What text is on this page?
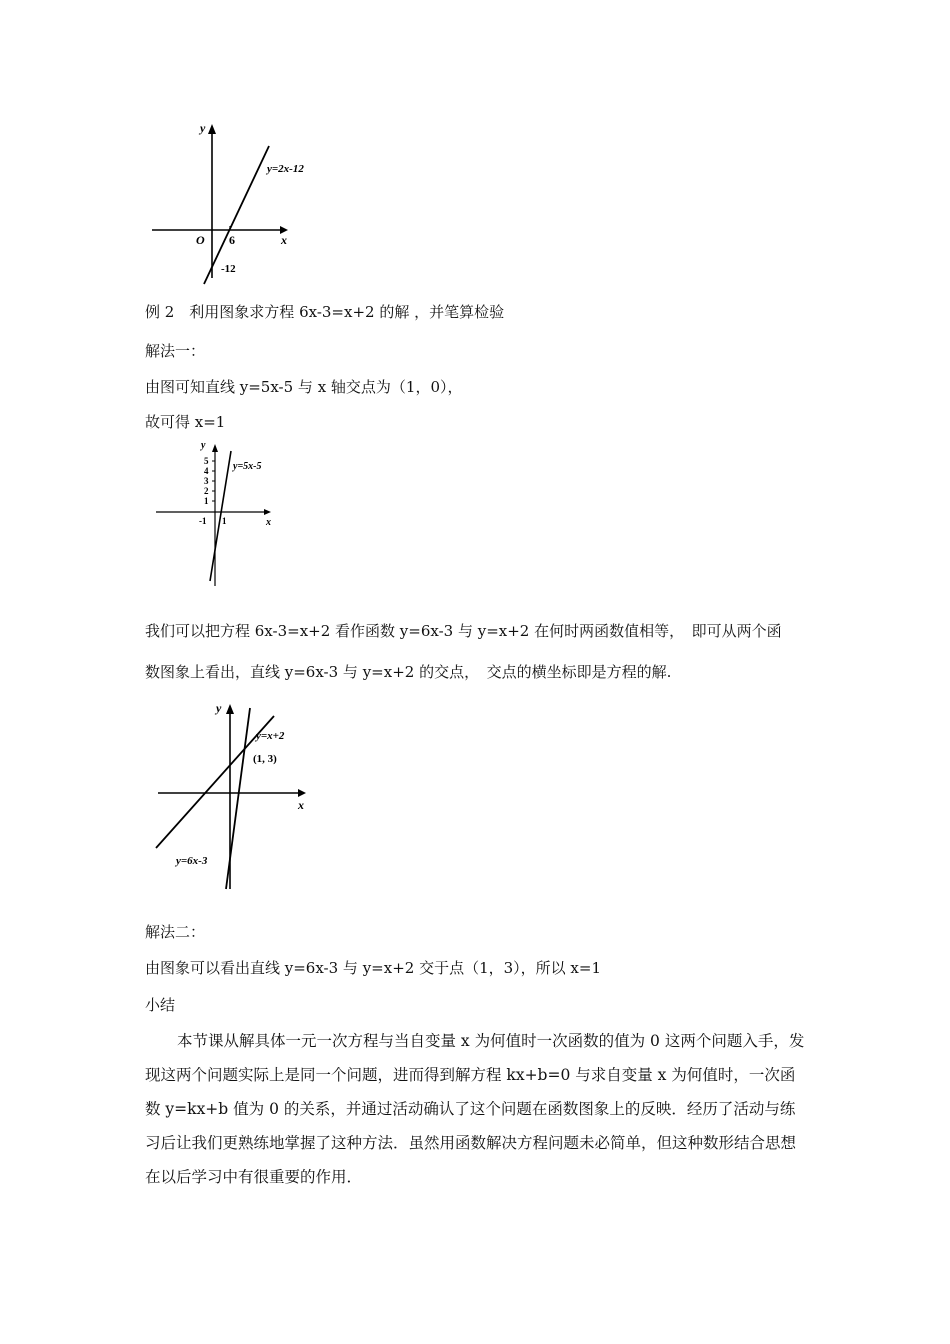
y
x
O 6
-12
y=2x-12
例 2　利用图象求方程 6x-3=x+2 的解 ，并笔算检验
解法一：
由图可知直线 y=5x-5 与 x 轴交点为（1，0），
故可得 x=1
y
x
5
4
3
2
1
-1 1
y=5x-5
我们可以把方程 6x-3=x+2 看作函数 y=6x-3 与 y=x+2 在何时两函数值相等，　即可从两个函
数图象上看出，直线 y=6x-3 与 y=x+2 的交点，　交点的横坐标即是方程的解.
y
x
y=x+2
(1, 3)
y=6x-3
解法二：
由图象可以看出直线 y=6x-3 与 y=x+2 交于点（1，3），所以 x=1
小结
本节课从解具体一元一次方程与当自变量 x 为何值时一次函数的值为 0 这两个问题入手，发现这两个问题实际上是同一个问题，进而得到解方程 kx+b=0 与求自变量 x 为何值时，一次函数 y=kx+b 值为 0 的关系，并通过活动确认了这个问题在函数图象上的反映．经历了活动与练习后让我们更熟练地掌握了这种方法．虽然用函数解决方程问题未必简单，但这种数形结合思想在以后学习中有很重要的作用．
